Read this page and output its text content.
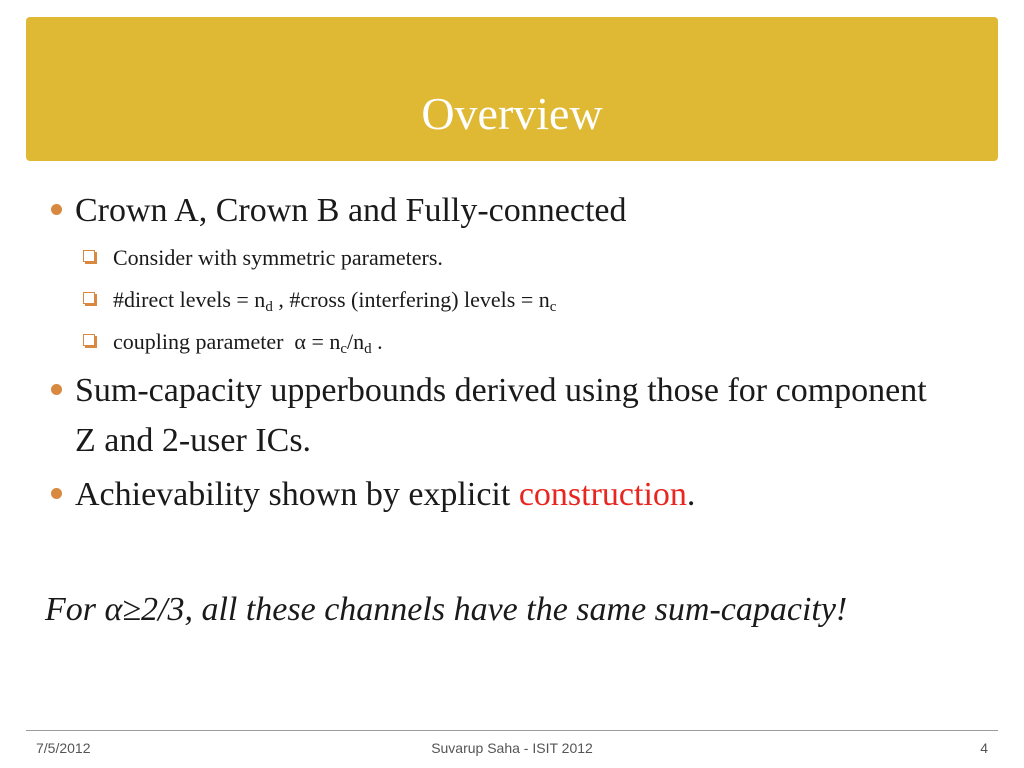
Overview
Crown A, Crown B and Fully-connected
Consider with symmetric parameters.
#direct levels = $n_d$ , #cross (interfering) levels = $n_c$
coupling parameter  $\alpha = n_c/n_d$ .
Sum-capacity upperbounds derived using those for component Z and 2-user ICs.
Achievability shown by explicit construction.
For α≥2/3, all these channels have the same sum-capacity!
7/5/2012	Suvarup Saha - ISIT 2012	4
